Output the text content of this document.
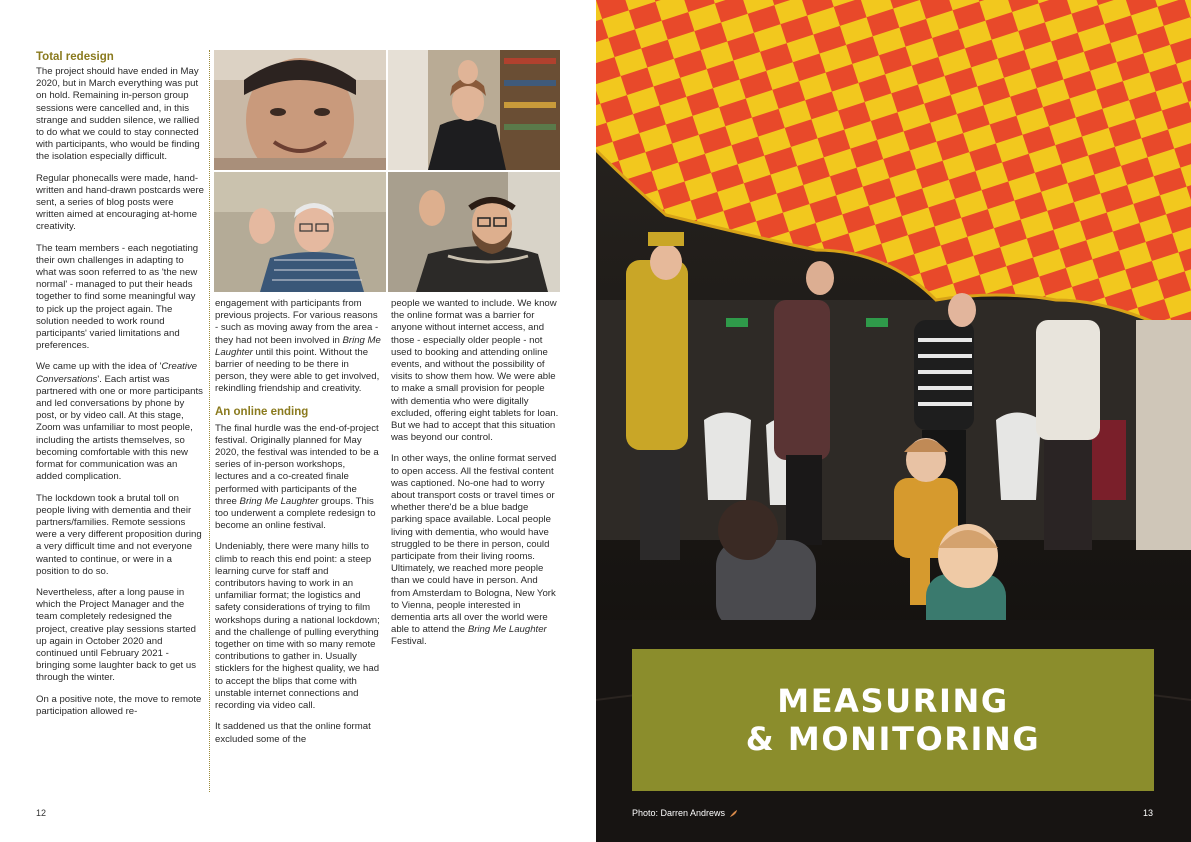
Total redesign

The project should have ended in May 2020, but in March everything was put on hold. Remaining in-person group sessions were cancelled and, in this strange and sudden silence, we rallied to do what we could to stay connected with participants, who would be finding the isolation especially difficult.

Regular phonecalls were made, hand-written and hand-drawn postcards were sent, a series of blog posts were written aimed at encouraging at-home creativity.

The team members - each negotiating their own challenges in adapting to what was soon referred to as 'the new normal' - managed to put their heads together to find some meaningful way to pick up the project again. The solution needed to work round participants' varied limitations and preferences.

We came up with the idea of 'Creative Conversations'. Each artist was partnered with one or more participants and led conversations by phone by post, or by video call. At this stage, Zoom was unfamiliar to most people, including the artists themselves, so becoming comfortable with this new format for communication was an added complication.

The lockdown took a brutal toll on people living with dementia and their partners/families. Remote sessions were a very different proposition during a very difficult time and not everyone wanted to continue, or were in a position to do so.

Nevertheless, after a long pause in which the Project Manager and the team completely redesigned the project, creative play sessions started up again in October 2020 and continued until February 2021 - bringing some laughter back to get us through the winter.

On a positive note, the move to remote participation allowed re-

engagement with participants from previous projects. For various reasons - such as moving away from the area - they had not been involved in Bring Me Laughter until this point. Without the barrier of needing to be there in person, they were able to get involved, rekindling friendship and creativity.

An online ending

The final hurdle was the end-of-project festival. Originally planned for May 2020, the festival was intended to be a series of in-person workshops, lectures and a co-created finale performed with participants of the three Bring Me Laughter groups. This too underwent a complete redesign to become an online festival.

Undeniably, there were many hills to climb to reach this end point: a steep learning curve for staff and contributors having to work in an unfamiliar format; the logistics and safety considerations of trying to film workshops during a national lockdown; and the challenge of pulling everything together on time with so many remote contributions to gather in. Usually sticklers for the highest quality, we had to accept the blips that come with unstable internet connections and recording via video call.

It saddened us that the online format excluded some of the

people we wanted to include. We know the online format was a barrier for anyone without internet access, and those - especially older people - not used to booking and attending online events, and without the possibility of visits to show them how. We were able to make a small provision for people with dementia who were digitally excluded, offering eight tablets for loan. But we had to accept that this situation was beyond our control.

In other ways, the online format served to open access. All the festival content was captioned. No-one had to worry about transport costs or travel times or whether there'd be a blue badge parking space available. Local people living with dementia, who would have struggled to be there in person, could participate from their living rooms. Ultimately, we reached more people than we could have in person. And from Amsterdam to Bologna, New York to Vienna, people interested in dementia arts all over the world were able to attend the Bring Me Laughter Festival.

12
MEASURING
& MONITORING
Photo: Darren Andrews	13
